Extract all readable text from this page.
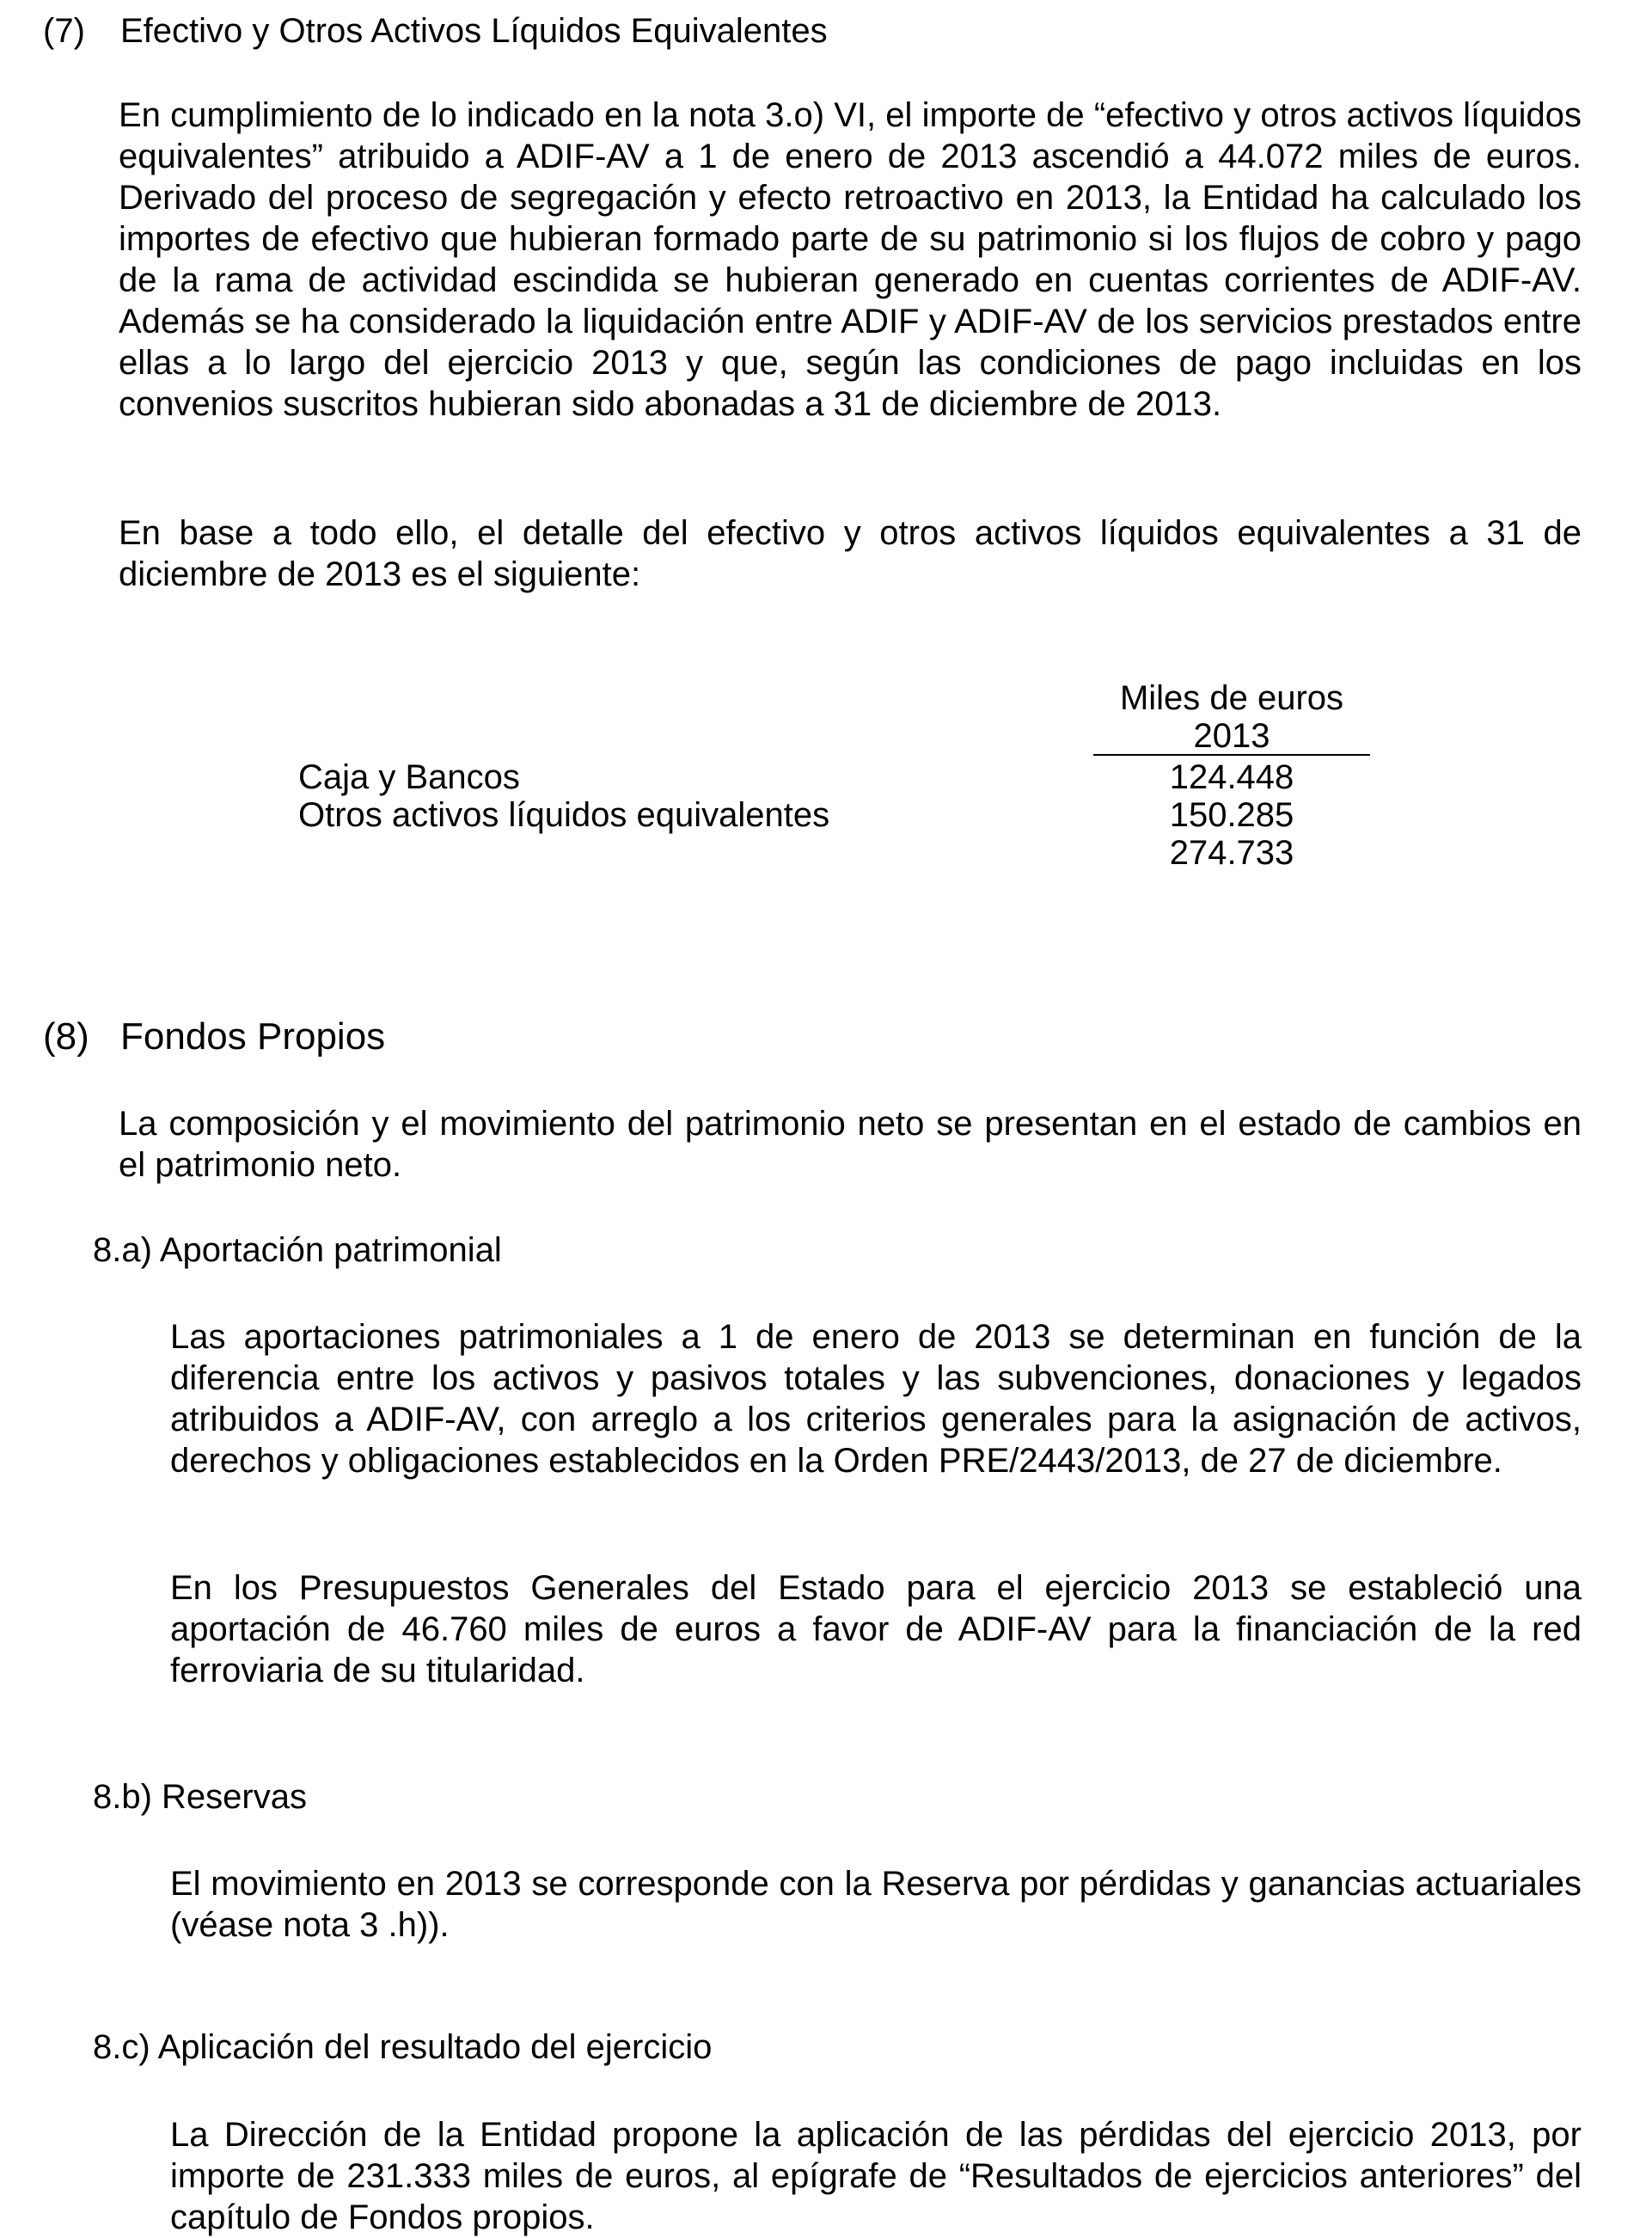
(7) Efectivo y Otros Activos Líquidos Equivalentes

En cumplimiento de lo indicado en la nota 3.o) VI, el importe de “efectivo y otros activos líquidos equivalentes” atribuido a ADIF-AV a 1 de enero de 2013 ascendió a 44.072 miles de euros. Derivado del proceso de segregación y efecto retroactivo en 2013, la Entidad ha calculado los importes de efectivo que hubieran formado parte de su patrimonio si los flujos de cobro y pago de la rama de actividad escindida se hubieran generado en cuentas corrientes de ADIF-AV. Además se ha considerado la liquidación entre ADIF y ADIF-AV de los servicios prestados entre ellas a lo largo del ejercicio 2013 y que, según las condiciones de pago incluidas en los convenios suscritos hubieran sido abonadas a 31 de diciembre de 2013.

En base a todo ello, el detalle del efectivo y otros activos líquidos equivalentes a 31 de diciembre de 2013 es el siguiente:

Miles de euros
2013
Caja y Bancos	124.448
Otros activos líquidos equivalentes	150.285
274.733
(8) Fondos Propios

La composición y el movimiento del patrimonio neto se presentan en el estado de cambios en el patrimonio neto.

8.a) Aportación patrimonial

Las aportaciones patrimoniales a 1 de enero de 2013 se determinan en función de la diferencia entre los activos y pasivos totales y las subvenciones, donaciones y legados atribuidos a ADIF-AV, con arreglo a los criterios generales para la asignación de activos, derechos y obligaciones establecidos en la Orden PRE/2443/2013, de 27 de diciembre.

En los Presupuestos Generales del Estado para el ejercicio 2013 se estableció una aportación de 46.760 miles de euros a favor de ADIF-AV para la financiación de la red ferroviaria de su titularidad.

8.b) Reservas

El movimiento en 2013 se corresponde con la Reserva por pérdidas y ganancias actuariales (véase nota 3 .h)).

8.c) Aplicación del resultado del ejercicio

La Dirección de la Entidad propone la aplicación de las pérdidas del ejercicio 2013, por importe de 231.333 miles de euros, al epígrafe de “Resultados de ejercicios anteriores” del capítulo de Fondos propios.
